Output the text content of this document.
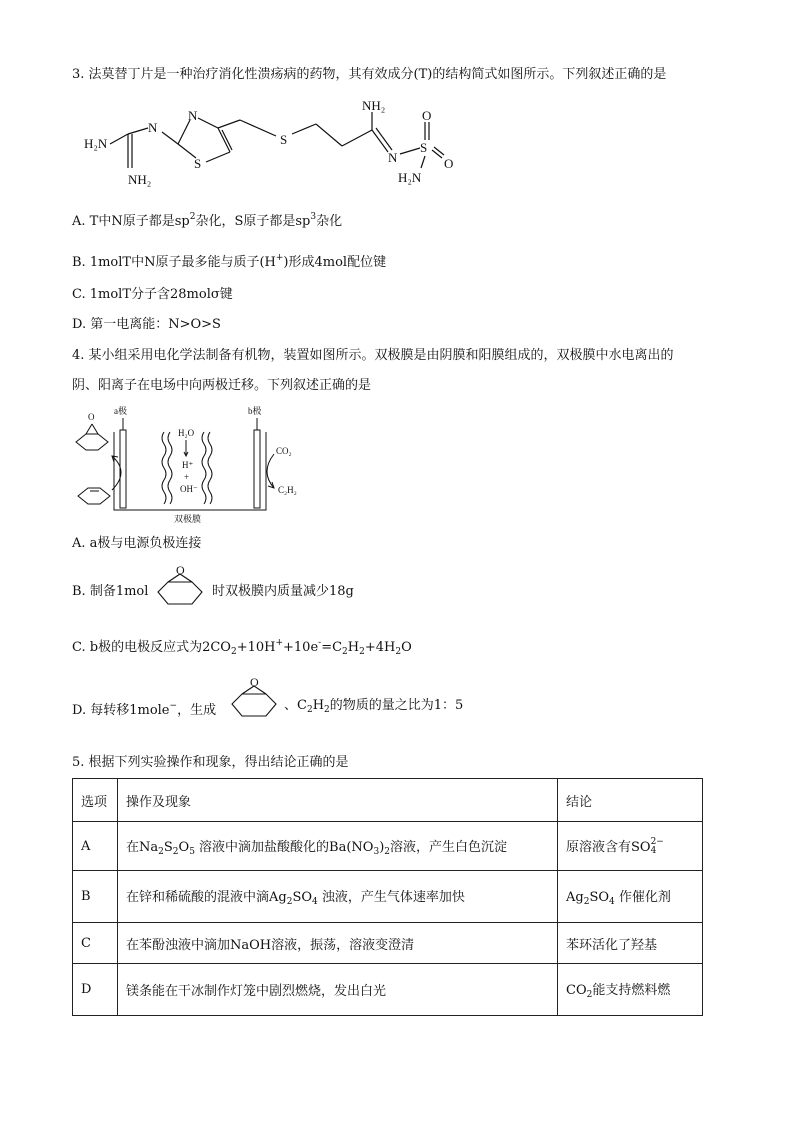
3. 法莫替丁片是一种治疗消化性溃疡病的药物，其有效成分(T)的结构简式如图所示。下列叙述正确的是
H₂N
N
NH₂
N
S
S
NH₂
N
S
O
O
H₂N
A. T中N原子都是$sp^2$杂化，S原子都是$sp^3$杂化
B. 1molT中N原子最多能与质子(H+)形成4mol配位键
C. 1molT分子含28molσ键
D. 第一电离能：N>O>S
4. 某小组采用电化学法制备有机物，装置如图所示。双极膜是由阴膜和阳膜组成的，双极膜中水电离出的
阴、阳离子在电场中向两极迁移。下列叙述正确的是
O
a极	b极
H₂O
H⁺
+
OH⁻
CO₂
C₂H₂
双极膜
A. a极与电源负极连接
B. 制备1mol
O
时双极膜内质量减少18g
C. b极的电极反应式为$2CO_2+10H^++10e^-=C_2H_2+4H_2O$
D. 每转移1mole−，生成
O
、$C_2H_2$的物质的量之比为1：5
5. 根据下列实验操作和现象，得出结论正确的是
选项	操作及现象	结论
A	在$Na_2S_2O_5$ 溶液中滴加盐酸酸化的$Ba(NO_3)_2$溶液，产生白色沉淀	原溶液含有SO 2−
4

B	在锌和稀硫酸的混液中滴$Ag_2SO_4$ 浊液，产生气体速率加快	$Ag_2SO_4$ 作催化剂
C	在苯酚浊液中滴加NaOH溶液，振荡，溶液变澄清	苯环活化了羟基
D	镁条能在干冰制作灯笼中剧烈燃烧，发出白光	$CO_2$能支持燃料燃
